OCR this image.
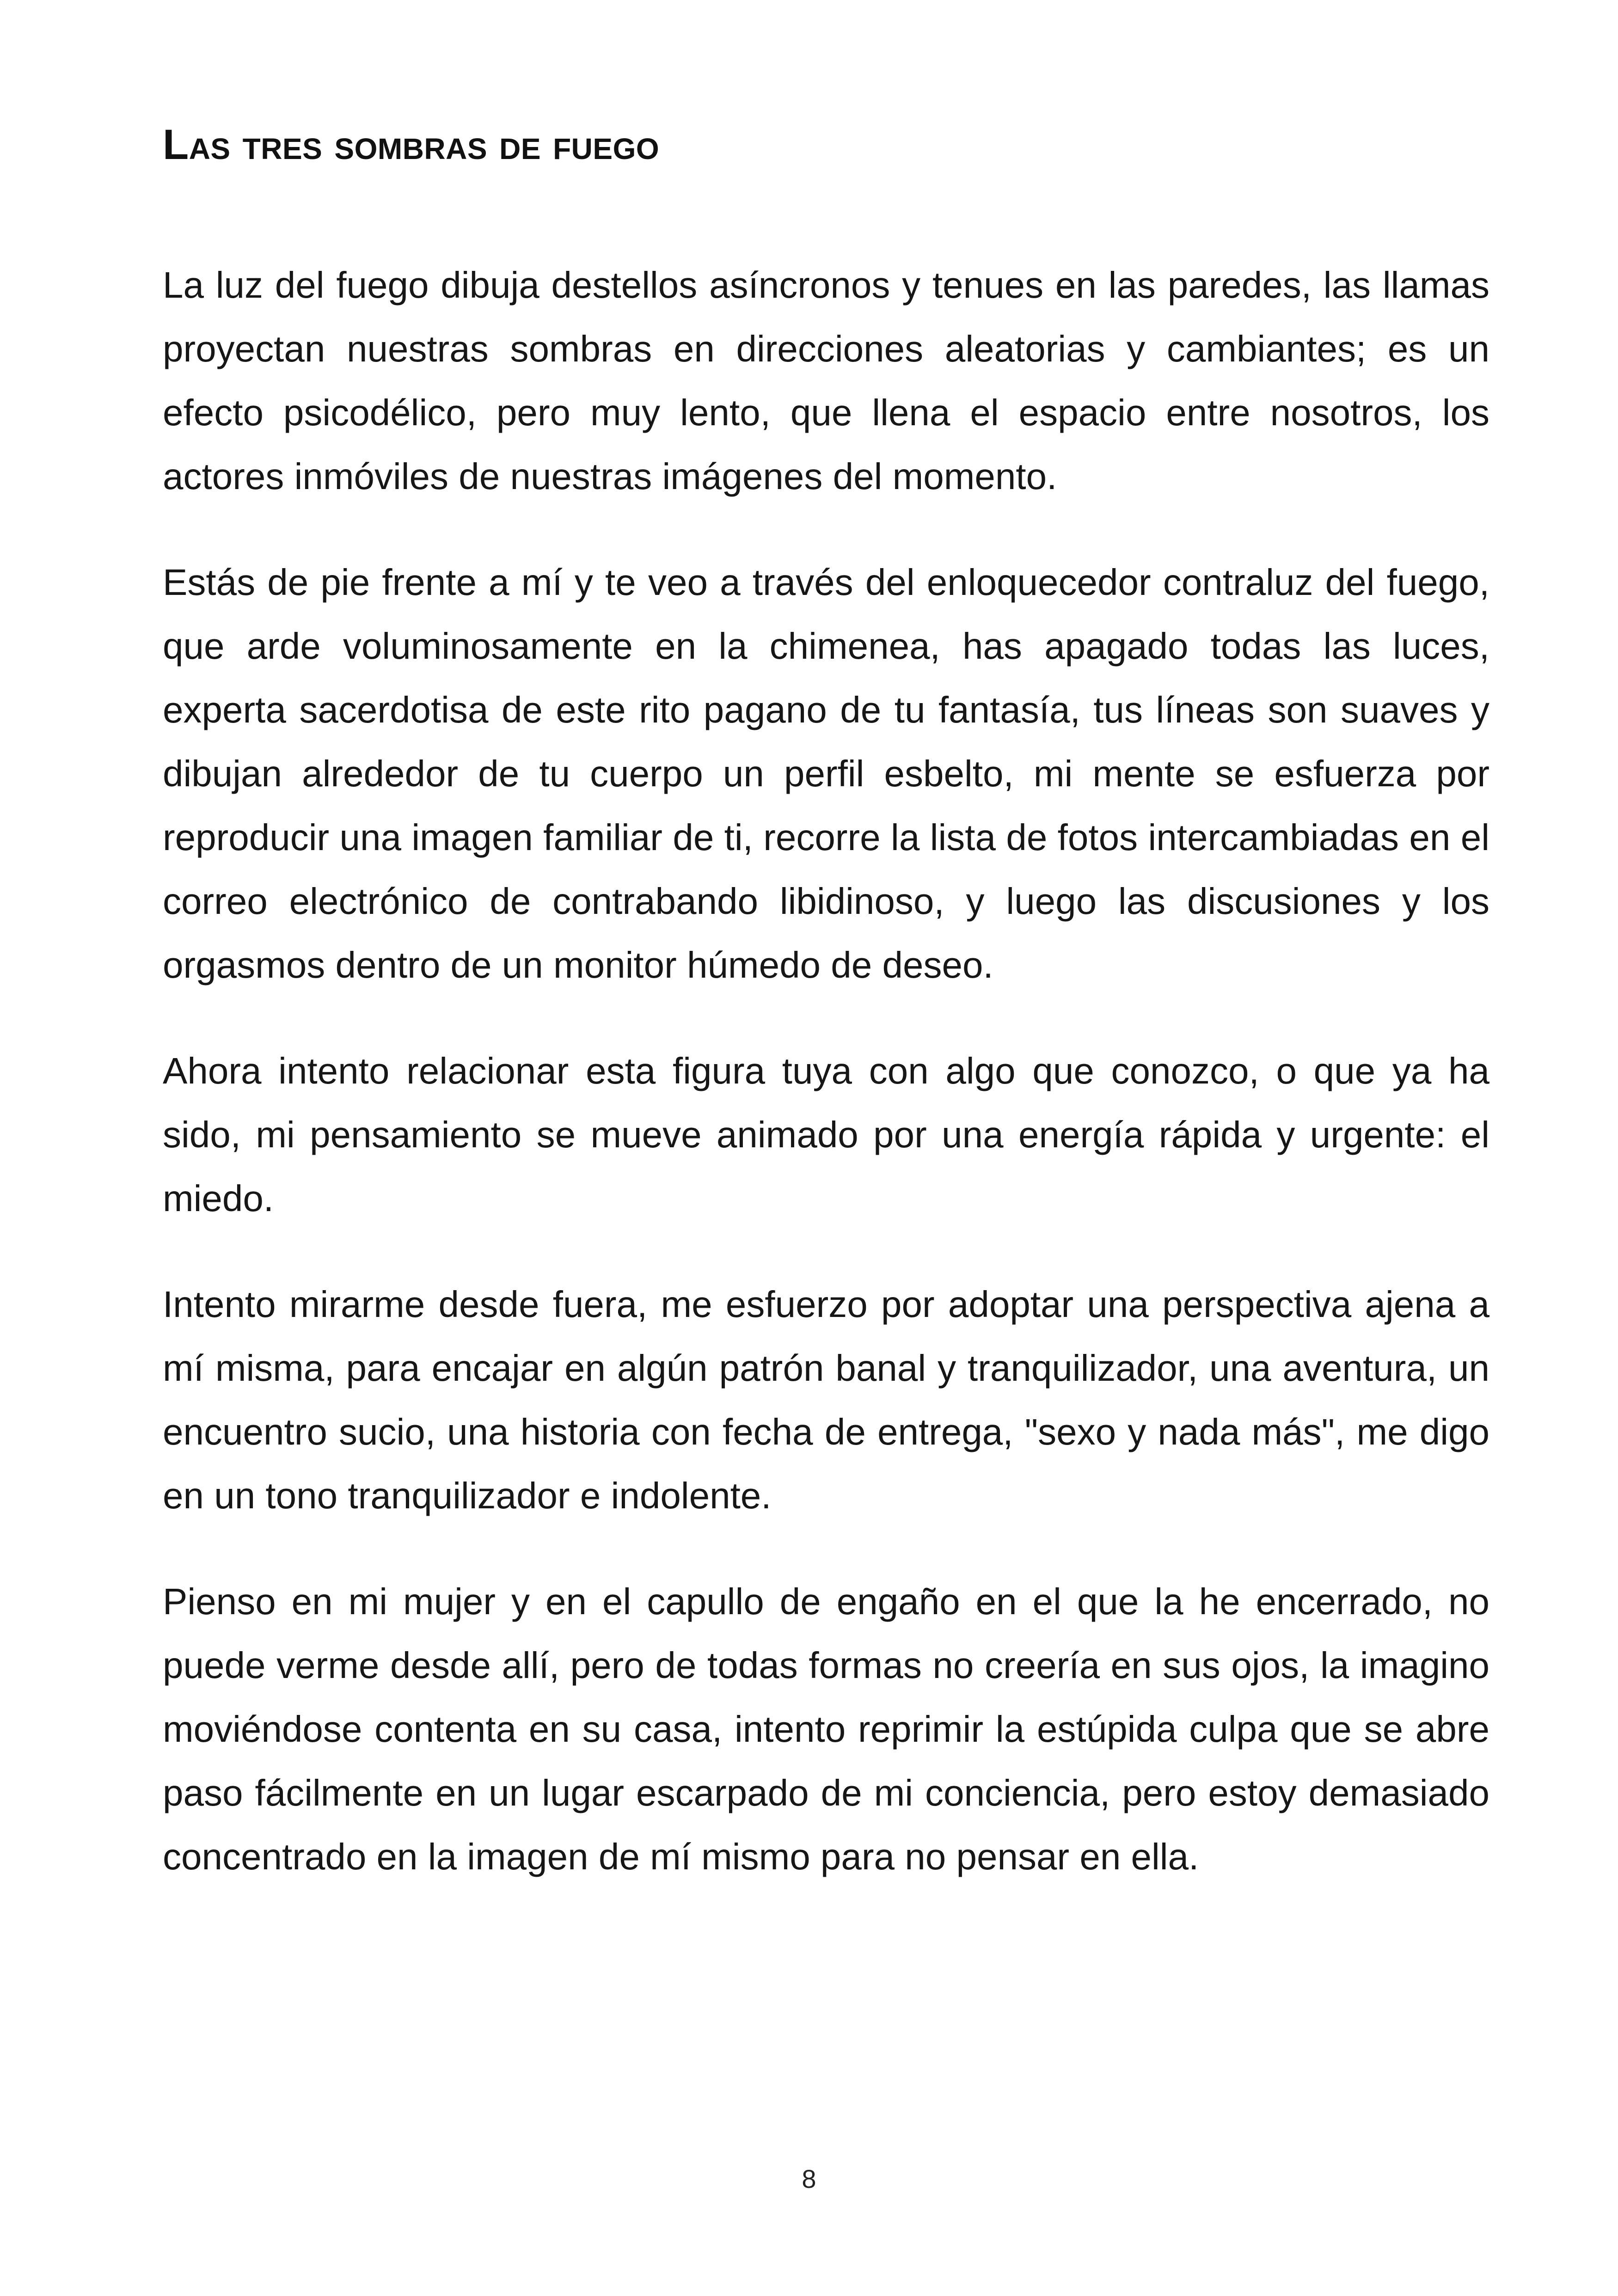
Las tres sombras de fuego

La luz del fuego dibuja destellos asíncronos y tenues en las paredes, las llamas proyectan nuestras sombras en direcciones aleatorias y cambiantes; es un efecto psicodélico, pero muy lento, que llena el espacio entre nosotros, los actores inmóviles de nuestras imágenes del momento.

Estás de pie frente a mí y te veo a través del enloquecedor contraluz del fuego, que arde voluminosamente en la chimenea, has apagado todas las luces, experta sacerdotisa de este rito pagano de tu fantasía, tus líneas son suaves y dibujan alrededor de tu cuerpo un perfil esbelto, mi mente se esfuerza por reproducir una imagen familiar de ti, recorre la lista de fotos intercambiadas en el correo electrónico de contrabando libidinoso, y luego las discusiones y los orgasmos dentro de un monitor húmedo de deseo.

Ahora intento relacionar esta figura tuya con algo que conozco, o que ya ha sido, mi pensamiento se mueve animado por una energía rápida y urgente: el miedo.

Intento mirarme desde fuera, me esfuerzo por adoptar una perspectiva ajena a mí misma, para encajar en algún patrón banal y tranquilizador, una aventura, un encuentro sucio, una historia con fecha de entrega, "sexo y nada más", me digo en un tono tranquilizador e indolente.

Pienso en mi mujer y en el capullo de engaño en el que la he encerrado, no puede verme desde allí, pero de todas formas no creería en sus ojos, la imagino moviéndose contenta en su casa, intento reprimir la estúpida culpa que se abre paso fácilmente en un lugar escarpado de mi conciencia, pero estoy demasiado concentrado en la imagen de mí mismo para no pensar en ella.

8
